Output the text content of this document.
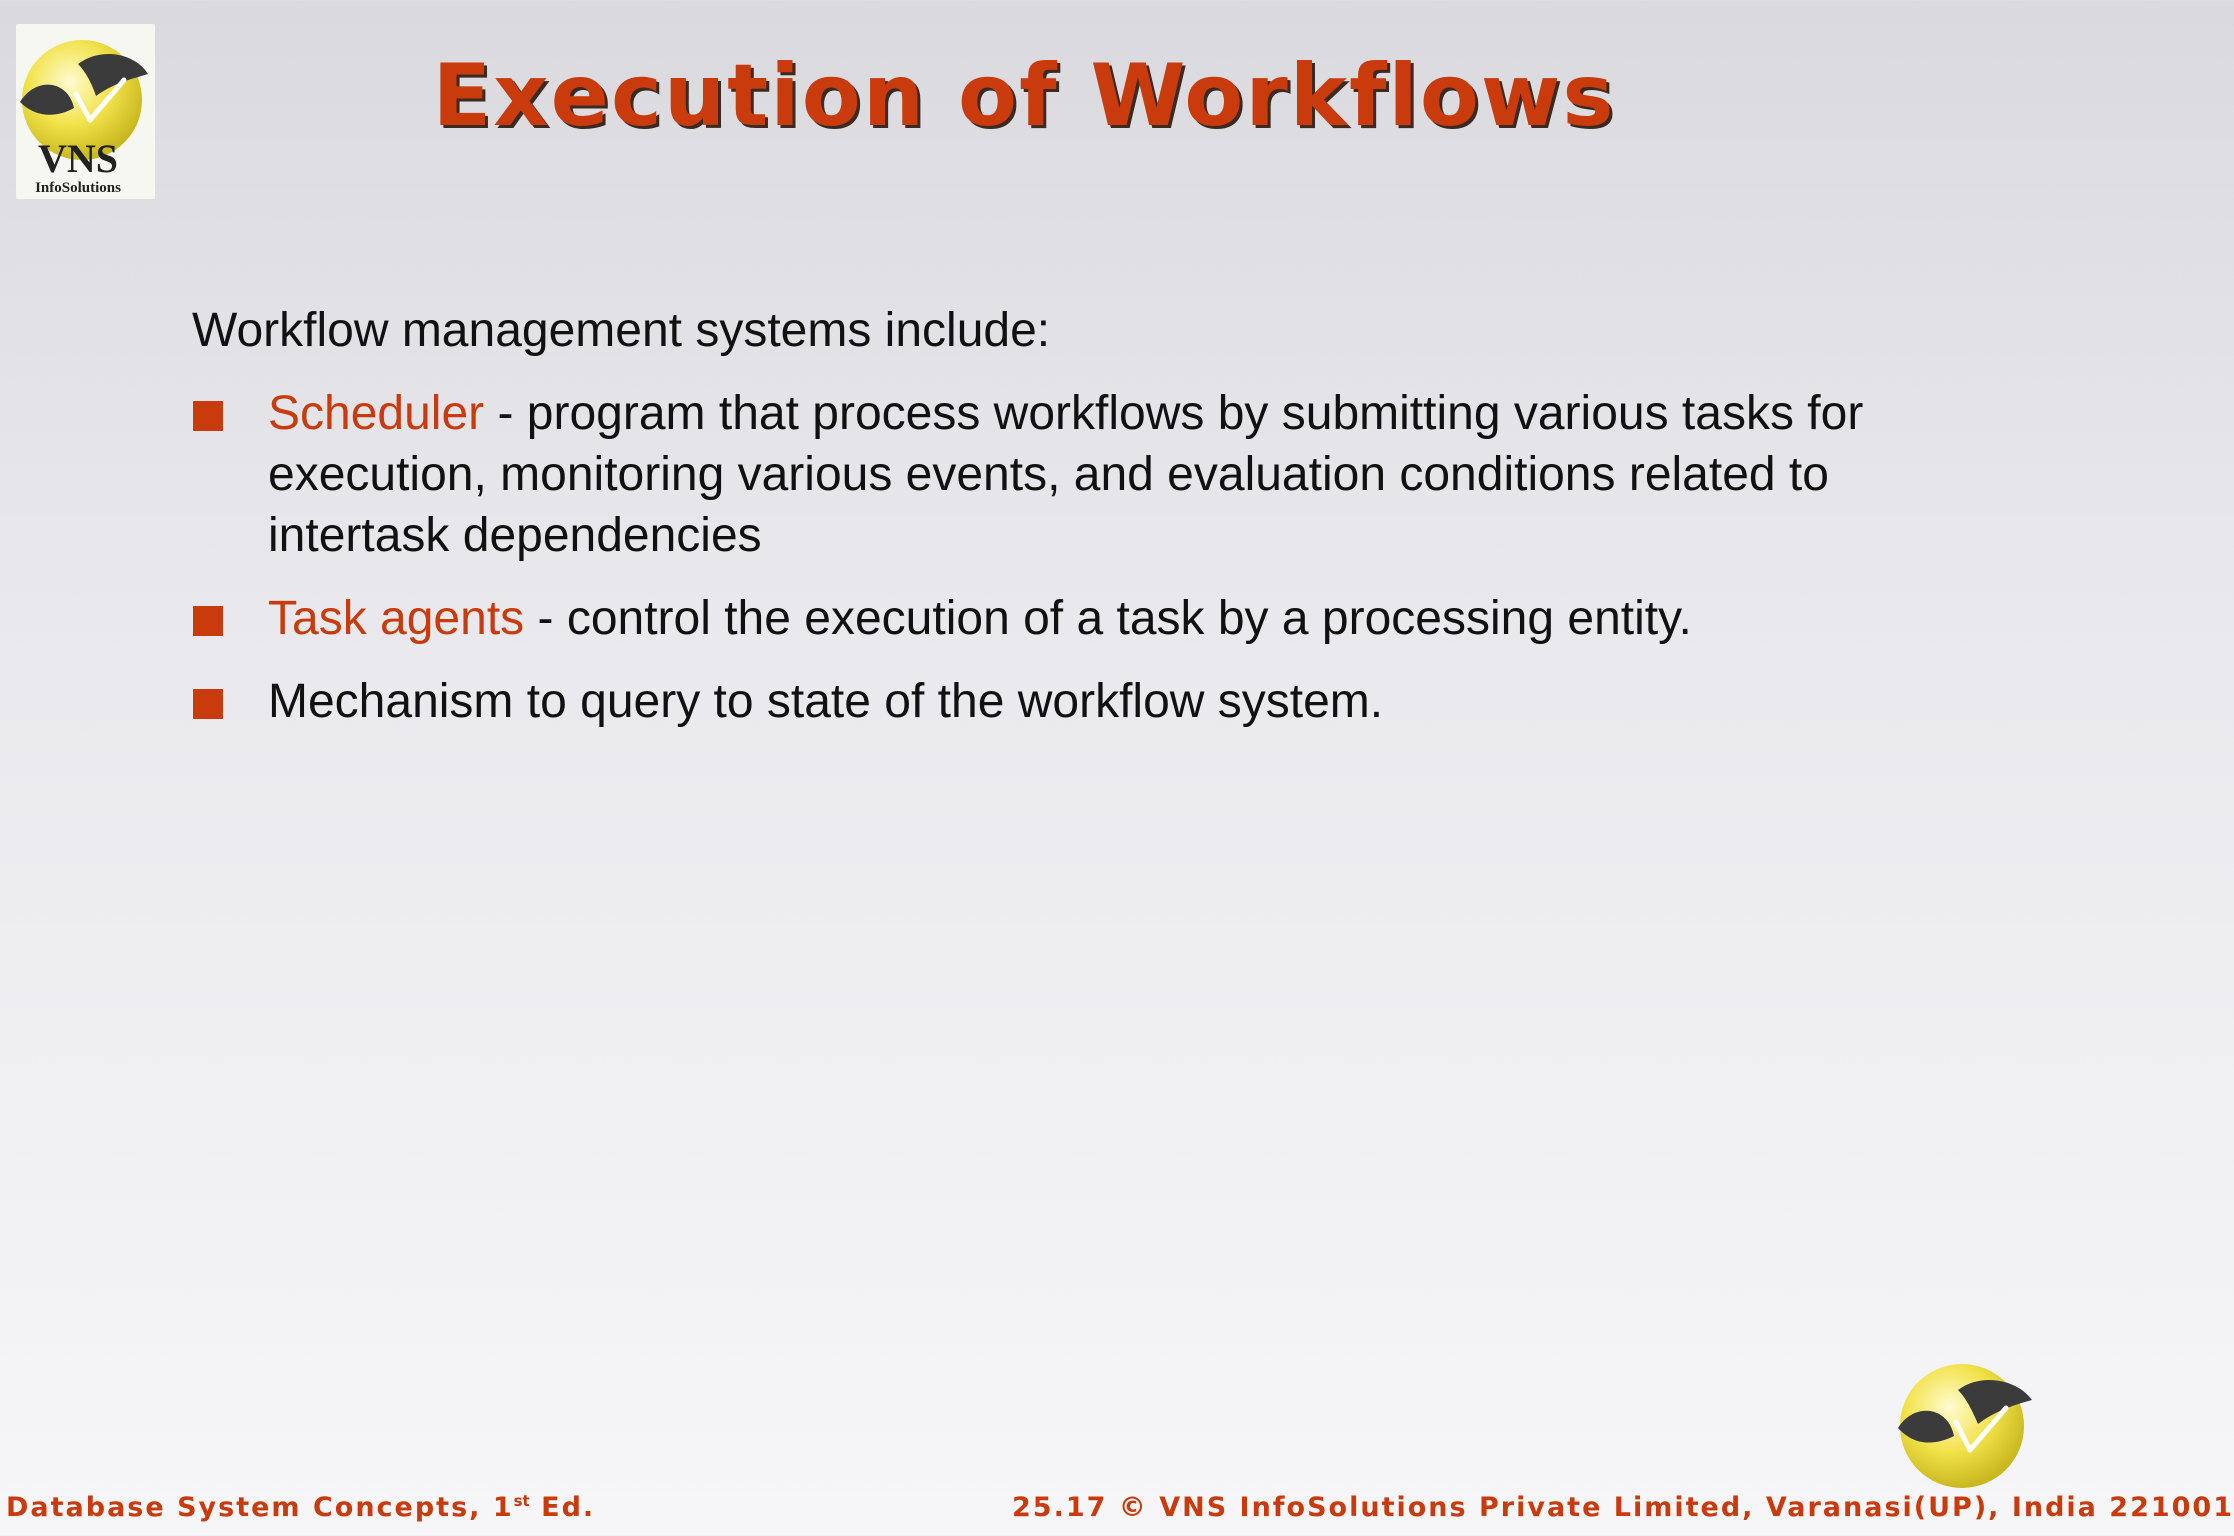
VNS
InfoSolutions
Execution of Workflows

Workflow management systems include:

Scheduler - program that process workflows by submitting various tasks for execution, monitoring various events, and evaluation conditions related to intertask dependencies
Task agents - control the execution of a task by a processing entity.
Mechanism to query to state of the workflow system.
Database System Concepts, 1st Ed.	25.17 © VNS InfoSolutions Private Limited, Varanasi(UP), India 221001
